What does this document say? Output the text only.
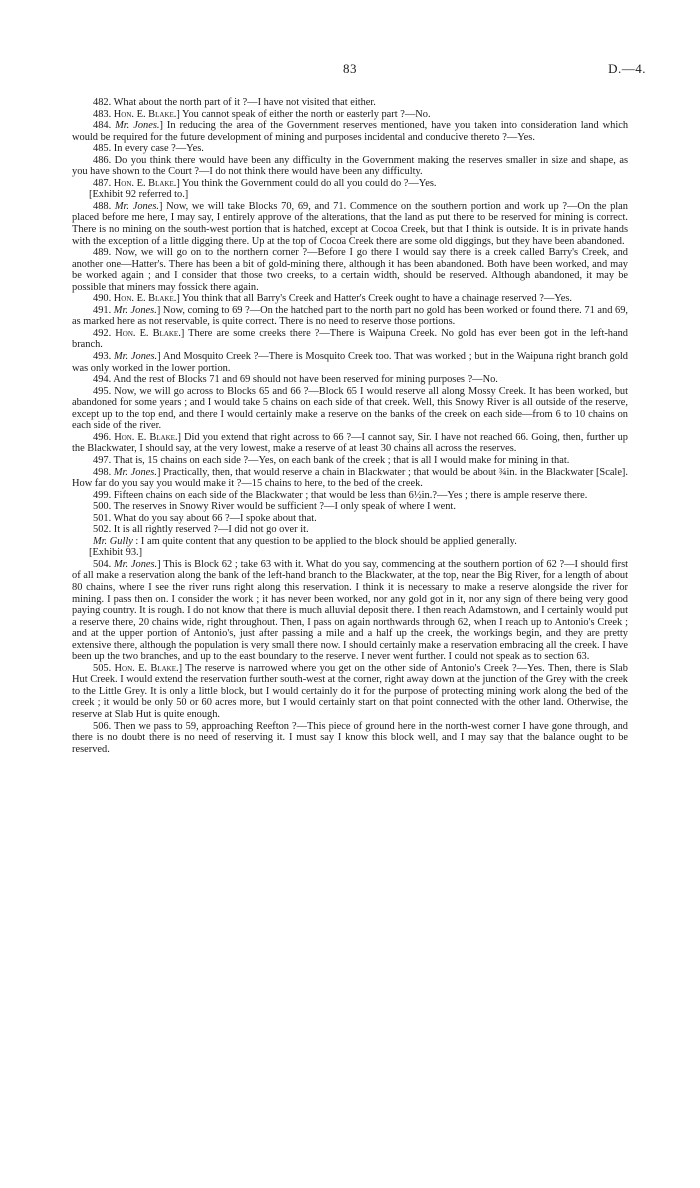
83	D.—4.

482. What about the north part of it ?—I have not visited that either.

483. Hon. E. Blake.] You cannot speak of either the north or easterly part ?—No.

484. Mr. Jones.] In reducing the area of the Government reserves mentioned, have you taken into consideration land which would be required for the future development of mining and purposes incidental and conducive thereto ?—Yes.

485. In every case ?—Yes.

486. Do you think there would have been any difficulty in the Government making the reserves smaller in size and shape, as you have shown to the Court ?—I do not think there would have been any difficulty.

487. Hon. E. Blake.] You think the Government could do all you could do ?—Yes.

[Exhibit 92 referred to.]

488. Mr. Jones.] Now, we will take Blocks 70, 69, and 71. Commence on the southern portion and work up ?—On the plan placed before me here, I may say, I entirely approve of the alterations, that the land as put there to be reserved for mining is correct. There is no mining on the south-west portion that is hatched, except at Cocoa Creek, but that I think is outside. It is in private hands with the exception of a little digging there. Up at the top of Cocoa Creek there are some old diggings, but they have been abandoned.

489. Now, we will go on to the northern corner ?—Before I go there I would say there is a creek called Barry's Creek, and another one—Hatter's. There has been a bit of gold-mining there, although it has been abandoned. Both have been worked, and may be worked again ; and I consider that those two creeks, to a certain width, should be reserved. Although abandoned, it may be possible that miners may fossick there again.

490. Hon. E. Blake.] You think that all Barry's Creek and Hatter's Creek ought to have a chainage reserved ?—Yes.

491. Mr. Jones.] Now, coming to 69 ?—On the hatched part to the north part no gold has been worked or found there. 71 and 69, as marked here as not reservable, is quite correct. There is no need to reserve those portions.

492. Hon. E. Blake.] There are some creeks there ?—There is Waipuna Creek. No gold has ever been got in the left-hand branch.

493. Mr. Jones.] And Mosquito Creek ?—There is Mosquito Creek too. That was worked ; but in the Waipuna right branch gold was only worked in the lower portion.

494. And the rest of Blocks 71 and 69 should not have been reserved for mining purposes ?—No.

495. Now, we will go across to Blocks 65 and 66 ?—Block 65 I would reserve all along Mossy Creek. It has been worked, but abandoned for some years ; and I would take 5 chains on each side of that creek. Well, this Snowy River is all outside of the reserve, except up to the top end, and there I would certainly make a reserve on the banks of the creek on each side—from 6 to 10 chains on each side of the river.

496. Hon. E. Blake.] Did you extend that right across to 66 ?—I cannot say, Sir. I have not reached 66. Going, then, further up the Blackwater, I should say, at the very lowest, make a reserve of at least 30 chains all across the reserves.

497. That is, 15 chains on each side ?—Yes, on each bank of the creek ; that is all I would make for mining in that.

498. Mr. Jones.] Practically, then, that would reserve a chain in Blackwater ; that would be about ¾in. in the Blackwater [Scale]. How far do you say you would make it ?—15 chains to here, to the bed of the creek.

499. Fifteen chains on each side of the Blackwater ; that would be less than 6½in.?—Yes ; there is ample reserve there.

500. The reserves in Snowy River would be sufficient ?—I only speak of where I went.

501. What do you say about 66 ?—I spoke about that.

502. It is all rightly reserved ?—I did not go over it.

Mr. Gully : I am quite content that any question to be applied to the block should be applied generally.

[Exhibit 93.]

504. Mr. Jones.] This is Block 62 ; take 63 with it. What do you say, commencing at the southern portion of 62 ?—I should first of all make a reservation along the bank of the left-hand branch to the Blackwater, at the top, near the Big River, for a length of about 80 chains, where I see the river runs right along this reservation. I think it is necessary to make a reserve alongside the river for mining. I pass then on. I consider the work ; it has never been worked, nor any gold got in it, nor any sign of there being very good paying country. It is rough. I do not know that there is much alluvial deposit there. I then reach Adamstown, and I certainly would put a reserve there, 20 chains wide, right throughout. Then, I pass on again northwards through 62, when I reach up to Antonio's Creek ; and at the upper portion of Antonio's, just after passing a mile and a half up the creek, the workings begin, and they are pretty extensive there, although the population is very small there now. I should certainly make a reservation embracing all the creek. I have been up the two branches, and up to the east boundary to the reserve. I never went further. I could not speak as to section 63.

505. Hon. E. Blake.] The reserve is narrowed where you get on the other side of Antonio's Creek ?—Yes. Then, there is Slab Hut Creek. I would extend the reservation further south-west at the corner, right away down at the junction of the Grey with the creek to the Little Grey. It is only a little block, but I would certainly do it for the purpose of protecting mining work along the bed of the creek ; it would be only 50 or 60 acres more, but I would certainly start on that point connected with the other land. Otherwise, the reserve at Slab Hut is quite enough.

506. Then we pass to 59, approaching Reefton ?—This piece of ground here in the north-west corner I have gone through, and there is no doubt there is no need of reserving it. I must say I know this block well, and I may say that the balance ought to be reserved.
